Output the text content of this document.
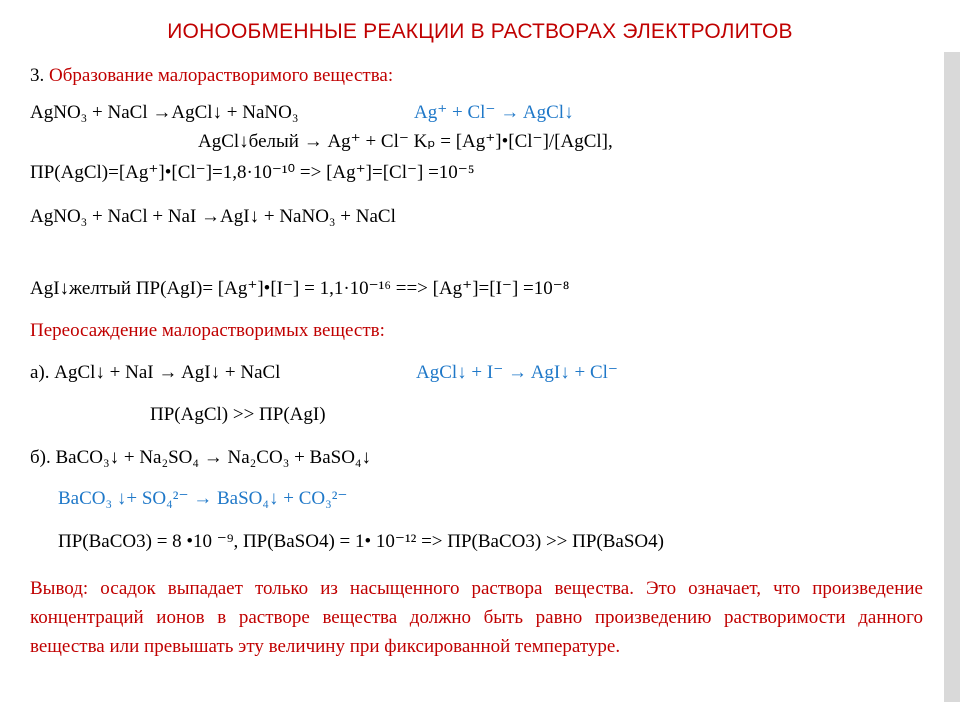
ИОНООБМЕННЫЕ РЕАКЦИИ В РАСТВОРАХ ЭЛЕКТРОЛИТОВ
3. Образование малорастворимого вещества:
AgNO₃ + NaCl →AgCl↓ + NaNO₃	Ag⁺ + Cl⁻ → AgCl↓
AgCl↓белый → Ag⁺ + Cl⁻ Kₚ = [Ag⁺]•[Cl⁻]/[AgCl],
ПР(AgCl)=[Ag⁺]•[Cl⁻]=1,8·10⁻¹⁰ => [Ag⁺]=[Cl⁻] =10⁻⁵
AgNO₃ + NaCl + NaI →AgI↓ + NaNO₃ + NaCl
AgI↓желтый ПР(AgI)= [Ag⁺]•[I⁻] = 1,1·10⁻¹⁶ ==> [Ag⁺]=[I⁻] =10⁻⁸
Переосаждение малорастворимых веществ:
а). AgCl↓ + NaI → AgI↓ + NaCl	AgCl↓ + I⁻ → AgI↓ + Cl⁻
ПР(AgCl) >> ПР(AgI)
б). BaCO₃↓ + Na₂SO₄ → Na₂CO₃ + BaSO₄↓
BaCO₃ ↓+ SO₄²⁻ → BaSO₄↓ + CO₃²⁻
ПР(BaCO3) = 8 •10 ⁻⁹, ПР(BaSO4) = 1• 10⁻¹² => ПР(BaCO3) >> ПР(BaSO4)
Вывод: осадок выпадает только из насыщенного раствора вещества. Это означает, что произведение концентраций ионов в растворе вещества должно быть равно произведению растворимости данного вещества или превышать эту величину при фиксированной температуре.
